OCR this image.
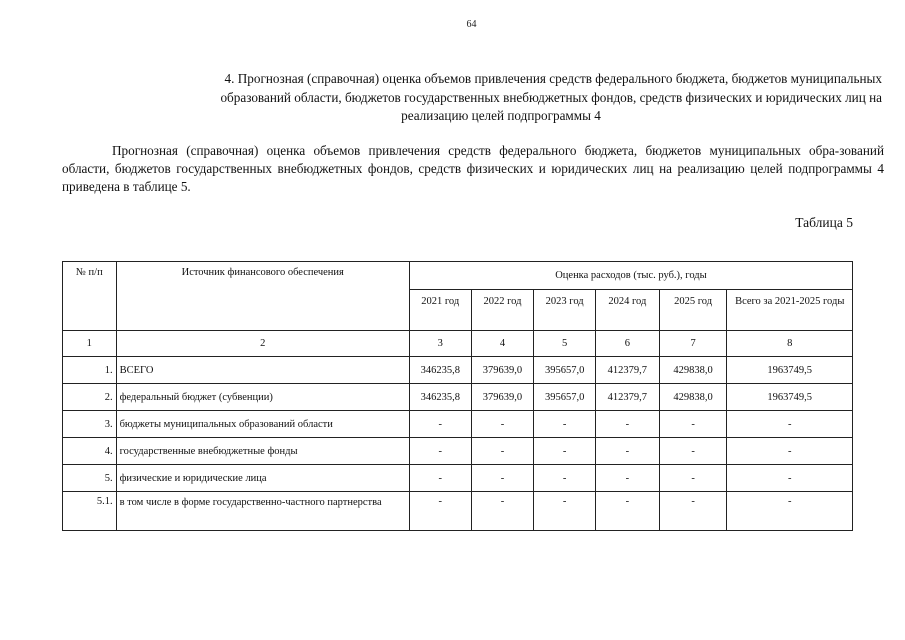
64
4. Прогнозная (справочная) оценка объемов привлечения средств федерального бюджета, бюджетов муниципальных
образований области, бюджетов государственных внебюджетных фондов, средств физических и юридических лиц на
реализацию целей подпрограммы 4
Прогнозная (справочная) оценка объемов привлечения средств федерального бюджета, бюджетов муниципальных обра-зований области, бюджетов государственных внебюджетных фондов, средств физических и юридических лиц на реализацию целей подпрограммы 4 приведена в таблице 5.
Таблица 5
№ п/п	Источник финансового обеспечения	Оценка расходов (тыс. руб.), годы					
		2021 год	2022 год	2023 год	2024 год	2025 год	Всего за 2021-2025 годы
1	2	3	4	5	6	7	8
1.	ВСЕГО	346235,8	379639,0	395657,0	412379,7	429838,0	1963749,5
2.	федеральный бюджет (субвенции)	346235,8	379639,0	395657,0	412379,7	429838,0	1963749,5
3.	бюджеты муниципальных образований области	-	-	-	-	-	-
4.	государственные внебюджетные фонды	-	-	-	-	-	-
5.	физические и юридические лица	-	-	-	-	-	-
5.1.	в том числе в форме государственно-частного партнерства	-	-	-	-	-	-
